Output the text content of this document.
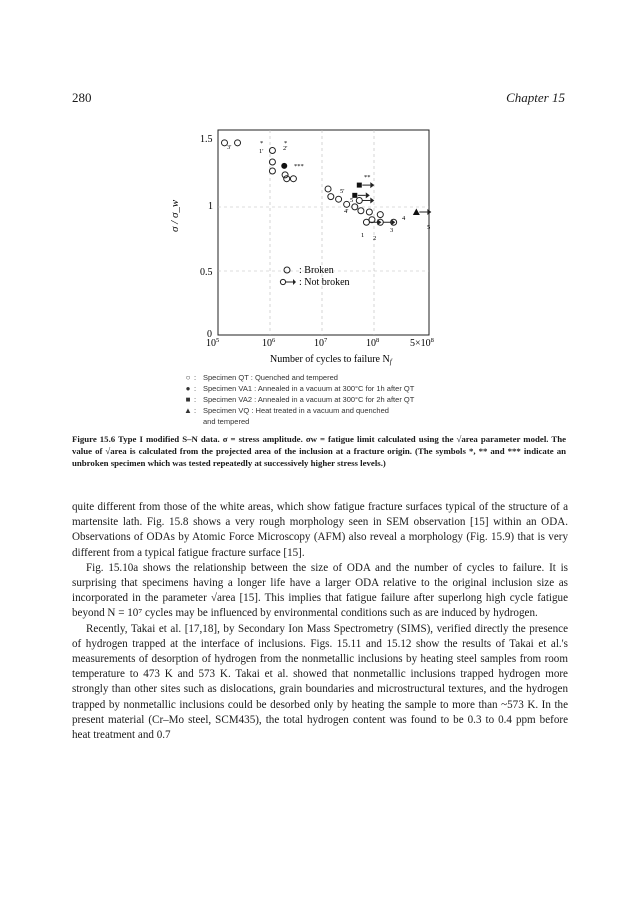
280	Chapter 15
σ / σ_w
1.5
1
0.5
0
$10^5$	$10^6$	$10^7$	$10^8$	$5\times 10^8$
Number of cycles to failure $N_f$
: Broken
: Not broken
3'
1'	2'
5'
4'
5
4
3
1 2
5
*	*
***
**
○ : Specimen QT : Quenched and tempered
● : Specimen VA1 : Annealed in a vacuum at 300°C for 1h after QT
■ : Specimen VA2 : Annealed in a vacuum at 300°C for 2h after QT
▲ : Specimen VQ : Heat treated in a vacuum and quenched and tempered
Figure 15.6 Type I modified S–N data. σ = stress amplitude. σw = fatigue limit calculated using the √area parameter model. The value of √area is calculated from the projected area of the inclusion at a fracture origin. (The symbols *, ** and *** indicate an unbroken specimen which was tested repeatedly at successively higher stress levels.)

quite different from those of the white areas, which show fatigue fracture surfaces typical of the structure of a martensite lath. Fig. 15.8 shows a very rough morphology seen in SEM observation [15] within an ODA. Observations of ODAs by Atomic Force Microscopy (AFM) also reveal a morphology (Fig. 15.9) that is very different from a typical fatigue fracture surface [15].

Fig. 15.10a shows the relationship between the size of ODA and the number of cycles to failure. It is surprising that specimens having a longer life have a larger ODA relative to the original inclusion size as incorporated in the parameter √area [15]. This implies that fatigue failure after superlong high cycle fatigue beyond N = 10⁷ cycles may be influenced by environmental conditions such as are induced by hydrogen.

Recently, Takai et al. [17,18], by Secondary Ion Mass Spectrometry (SIMS), verified directly the presence of hydrogen trapped at the interface of inclusions. Figs. 15.11 and 15.12 show the results of Takai et al.'s measurements of desorption of hydrogen from the nonmetallic inclusions by heating steel samples from room temperature to 473 K and 573 K. Takai et al. showed that nonmetallic inclusions trapped hydrogen more strongly than other sites such as dislocations, grain boundaries and microstructural textures, and the hydrogen trapped by nonmetallic inclusions could be desorbed only by heating the sample to more than ~573 K. In the present material (Cr–Mo steel, SCM435), the total hydrogen content was found to be 0.3 to 0.4 ppm before heat treatment and 0.7
